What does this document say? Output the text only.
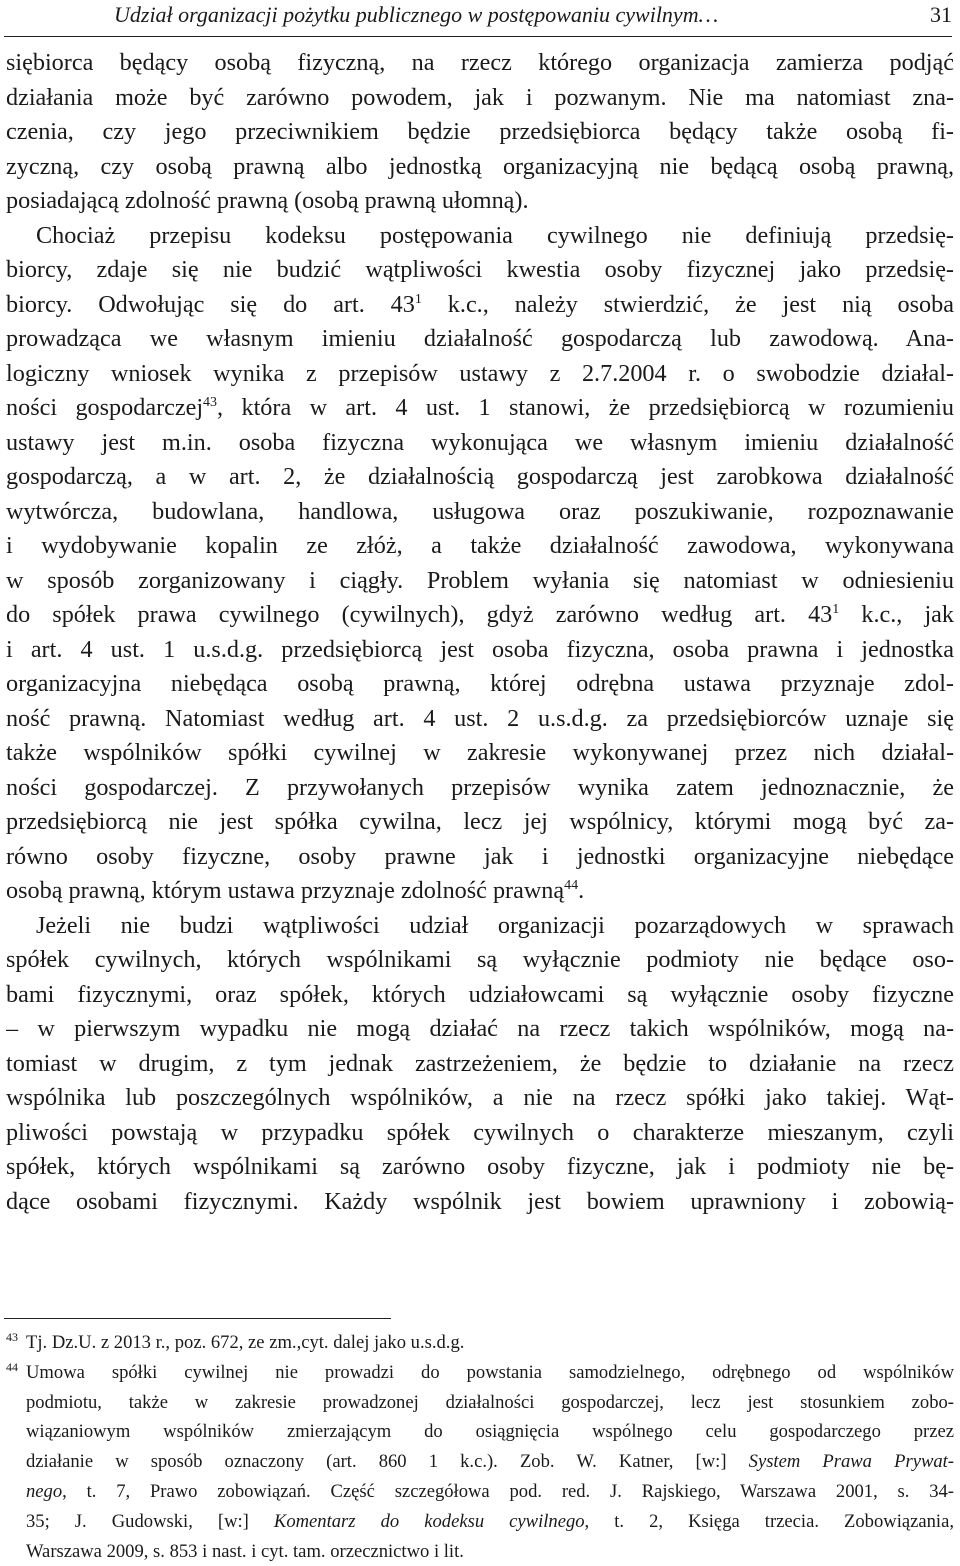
Udział organizacji pożytku publicznego w postępowaniu cywilnym…	31
siębiorca będący osobą fizyczną, na rzecz którego organizacja zamierza podjąć
działania może być zarówno powodem, jak i pozwanym. Nie ma natomiast zna-
czenia, czy jego przeciwnikiem będzie przedsiębiorca będący także osobą fi-
zyczną, czy osobą prawną albo jednostką organizacyjną nie będącą osobą prawną,
posiadającą zdolność prawną (osobą prawną ułomną).
Chociaż przepisu kodeksu postępowania cywilnego nie definiują przedsię-
biorcy, zdaje się nie budzić wątpliwości kwestia osoby fizycznej jako przedsię-
biorcy. Odwołując się do art. $43^1$ k.c., należy stwierdzić, że jest nią osoba
prowadząca we własnym imieniu działalność gospodarczą lub zawodową. Ana-
logiczny wniosek wynika z przepisów ustawy z 2.7.2004 r. o swobodzie działal-
ności gospodarczej$^{43}$, która w art. 4 ust. 1 stanowi, że przedsiębiorcą w rozumieniu
ustawy jest m.in. osoba fizyczna wykonująca we własnym imieniu działalność
gospodarczą, a w art. 2, że działalnością gospodarczą jest zarobkowa działalność
wytwórcza, budowlana, handlowa, usługowa oraz poszukiwanie, rozpoznawanie
i wydobywanie kopalin ze złóż, a także działalność zawodowa, wykonywana
w sposób zorganizowany i ciągły. Problem wyłania się natomiast w odniesieniu
do spółek prawa cywilnego (cywilnych), gdyż zarówno według art. $43^1$ k.c., jak
i art. 4 ust. 1 u.s.d.g. przedsiębiorcą jest osoba fizyczna, osoba prawna i jednostka
organizacyjna niebędąca osobą prawną, której odrębna ustawa przyznaje zdol-
ność prawną. Natomiast według art. 4 ust. 2 u.s.d.g. za przedsiębiorców uznaje się
także wspólników spółki cywilnej w zakresie wykonywanej przez nich działal-
ności gospodarczej. Z przywołanych przepisów wynika zatem jednoznacznie, że
przedsiębiorcą nie jest spółka cywilna, lecz jej wspólnicy, którymi mogą być za-
równo osoby fizyczne, osoby prawne jak i jednostki organizacyjne niebędące
osobą prawną, którym ustawa przyznaje zdolność prawną$^{44}$.
Jeżeli nie budzi wątpliwości udział organizacji pozarządowych w sprawach
spółek cywilnych, których wspólnikami są wyłącznie podmioty nie będące oso-
bami fizycznymi, oraz spółek, których udziałowcami są wyłącznie osoby fizyczne
– w pierwszym wypadku nie mogą działać na rzecz takich wspólników, mogą na-
tomiast w drugim, z tym jednak zastrzeżeniem, że będzie to działanie na rzecz
wspólnika lub poszczególnych wspólników, a nie na rzecz spółki jako takiej. Wąt-
pliwości powstają w przypadku spółek cywilnych o charakterze mieszanym, czyli
spółek, których wspólnikami są zarówno osoby fizyczne, jak i podmioty nie bę-
dące osobami fizycznymi. Każdy wspólnik jest bowiem uprawniony i zobowią-
$^{43}$ Tj. Dz.U. z 2013 r., poz. 672, ze zm.,cyt. dalej jako u.s.d.g.
$^{44}$ Umowa spółki cywilnej nie prowadzi do powstania samodzielnego, odrębnego od wspólników
podmiotu, także w zakresie prowadzonej działalności gospodarczej, lecz jest stosunkiem zobo-
wiązaniowym wspólników zmierzającym do osiągnięcia wspólnego celu gospodarczego przez
działanie w sposób oznaczony (art. 860 1 k.c.). Zob. W. Katner, [w:] System Prawa Prywat-
nego, t. 7, Prawo zobowiązań. Część szczegółowa pod. red. J. Rajskiego, Warszawa 2001, s. 34-
35; J. Gudowski, [w:] Komentarz do kodeksu cywilnego, t. 2, Księga trzecia. Zobowiązania,
Warszawa 2009, s. 853 i nast. i cyt. tam. orzecznictwo i lit.
